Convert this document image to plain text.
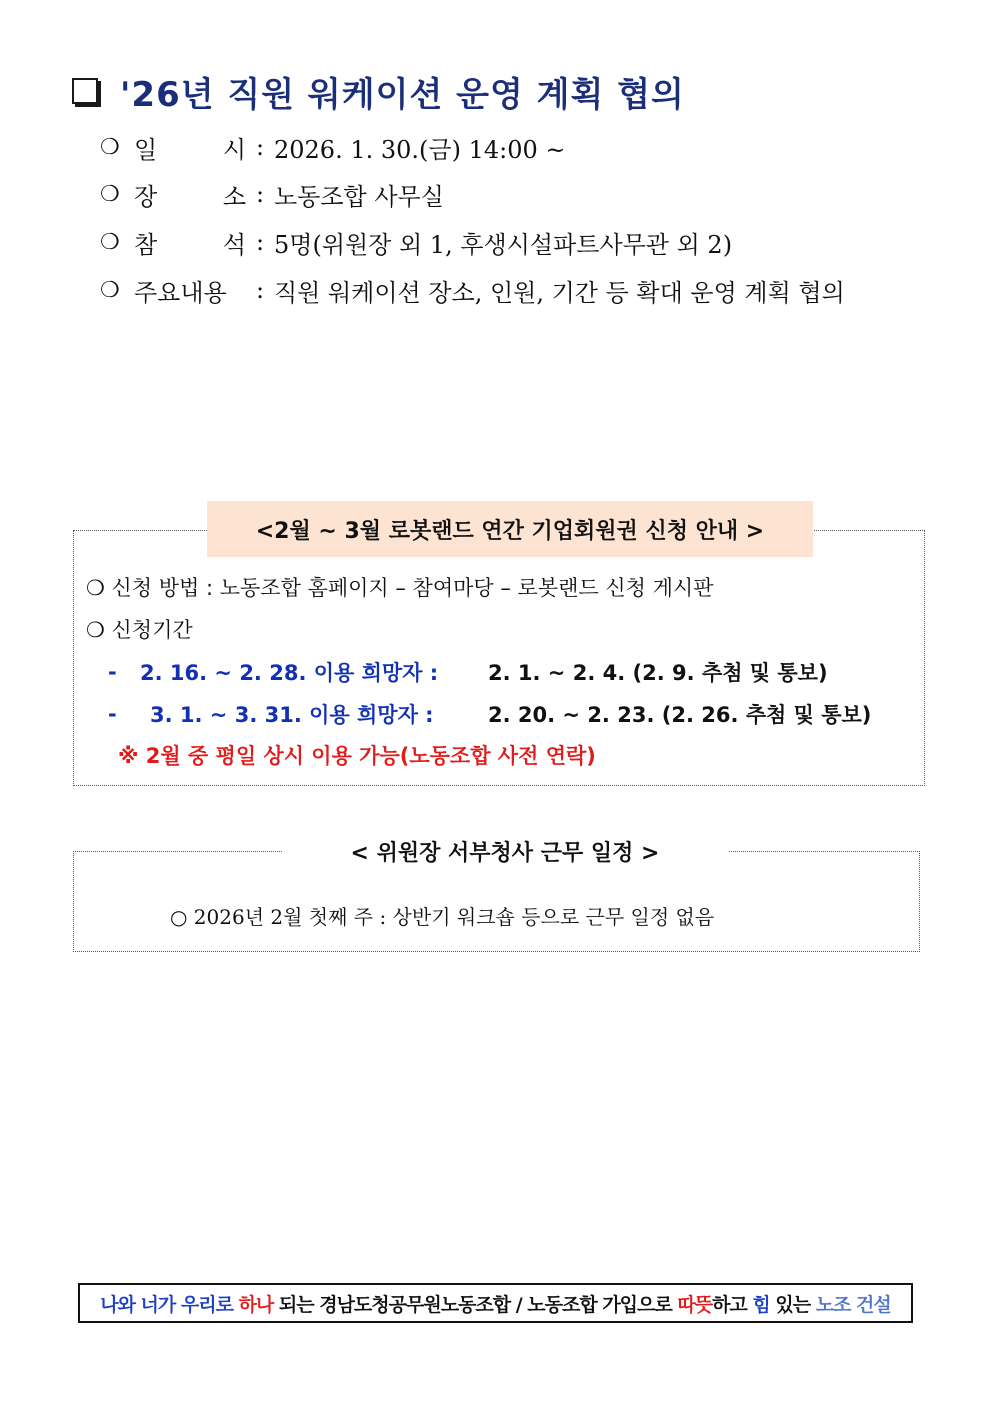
'26년 직원 워케이션 운영 계획 협의
❍ 일	시 : 2026. 1. 30.(금) 14:00 ~
❍ 장	소 : 노동조합 사무실
❍ 참	석 : 5명(위원장 외 1, 후생시설파트사무관 외 2)
❍ 주요내용	: 직원 워케이션 장소, 인원, 기간 등 확대 운영 계획 협의
<2월 ~ 3월 로봇랜드 연간 기업회원권 신청 안내 >
❍ 신청 방법 : 노동조합 홈페이지 – 참여마당 – 로봇랜드 신청 게시판
❍ 신청기간
-	2. 16. ~ 2. 28. 이용 희망자 :	2. 1. ~ 2. 4. (2. 9. 추첨 및 통보)
-	3. 1. ~ 3. 31. 이용 희망자 :	2. 20. ~ 2. 23. (2. 26. 추첨 및 통보)
※ 2월 중 평일 상시 이용 가능(노동조합 사전 연락)
< 위원장 서부청사 근무 일정 >
○ 2026년 2월 첫째 주 : 상반기 워크숍 등으로 근무 일정 없음
나와 너가 우리로 하나 되는 경남도청공무원노동조합 / 노동조합 가입으로 따뜻 하고 힘 있는 노조 건설
